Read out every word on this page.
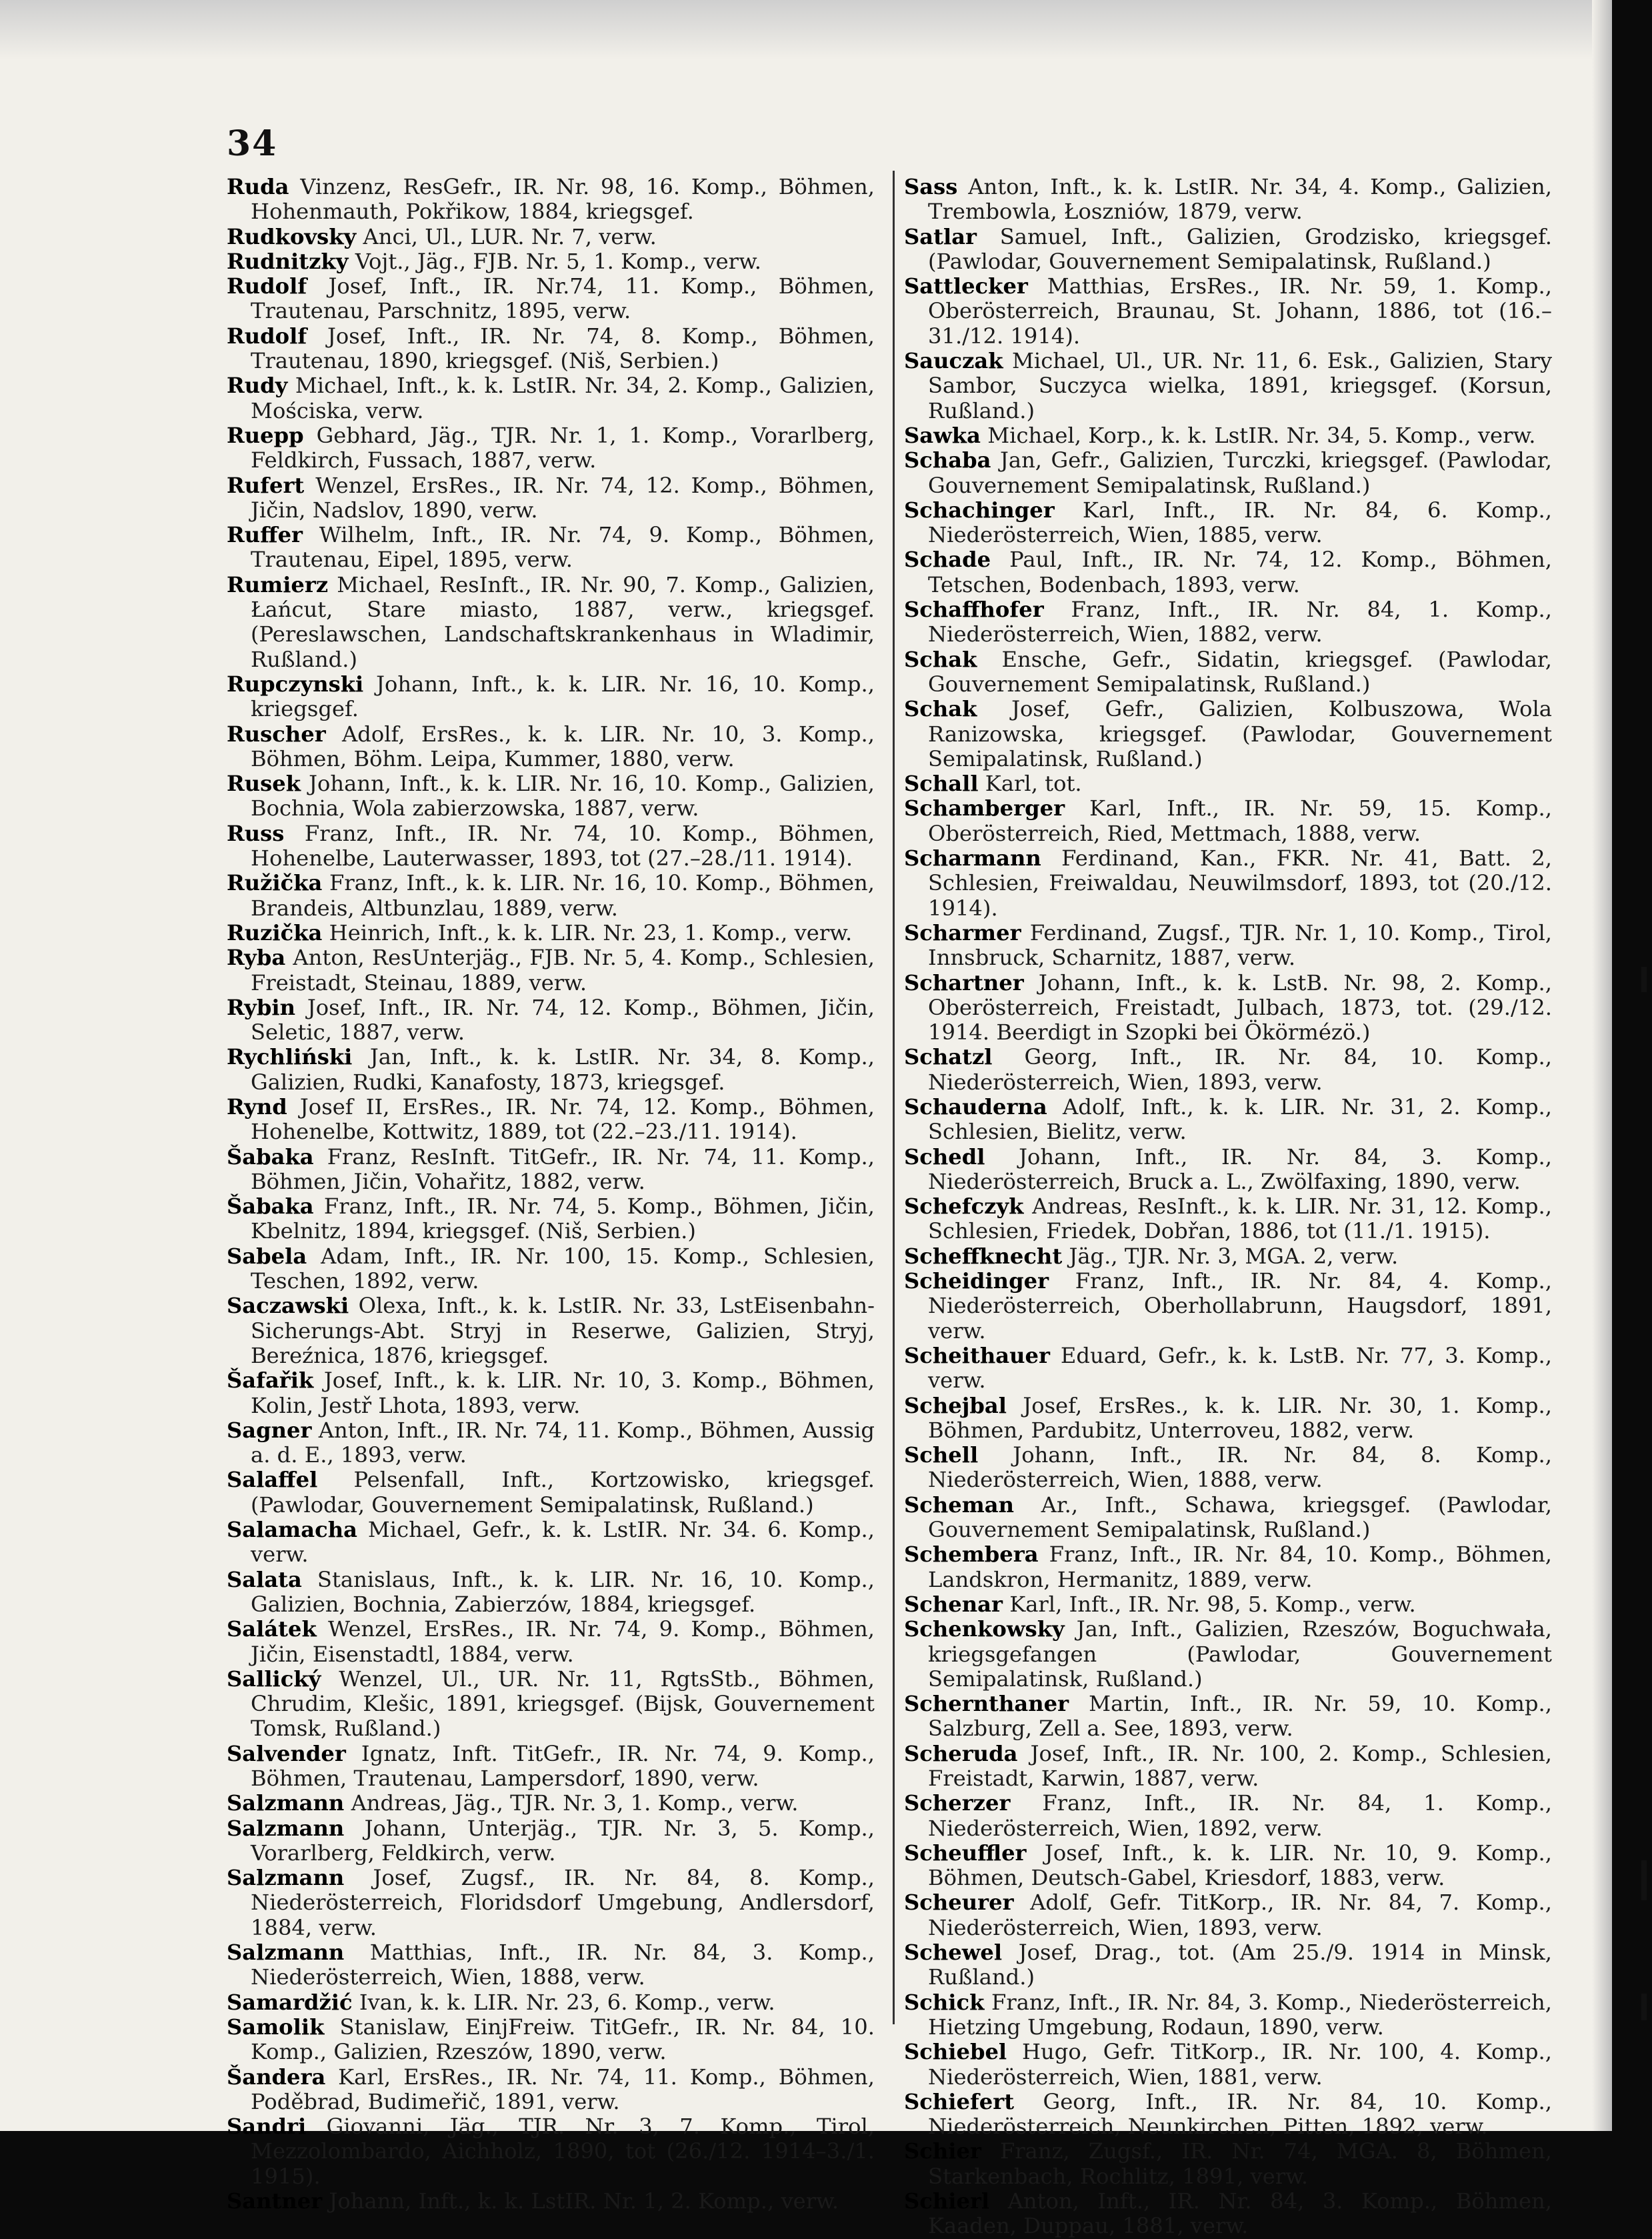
34

Ruda Vinzenz, ResGefr., IR. Nr. 98, 16. Komp., Böhmen, Hohenmauth, Pokřikow, 1884, kriegsgef.

Rudkovsky Anci, Ul., LUR. Nr. 7, verw.

Rudnitzky Vojt., Jäg., FJB. Nr. 5, 1. Komp., verw.

Rudolf Josef, Inft., IR. Nr.74, 11. Komp., Böhmen, Trautenau, Parschnitz, 1895, verw.

Rudolf Josef, Inft., IR. Nr. 74, 8. Komp., Böhmen, Trautenau, 1890, kriegsgef. (Niš, Serbien.)

Rudy Michael, Inft., k. k. LstIR. Nr. 34, 2. Komp., Galizien, Mościska, verw.

Ruepp Gebhard, Jäg., TJR. Nr. 1, 1. Komp., Vorarlberg, Feldkirch, Fussach, 1887, verw.

Rufert Wenzel, ErsRes., IR. Nr. 74, 12. Komp., Böhmen, Jičin, Nadslov, 1890, verw.

Ruffer Wilhelm, Inft., IR. Nr. 74, 9. Komp., Böhmen, Trautenau, Eipel, 1895, verw.

Rumierz Michael, ResInft., IR. Nr. 90, 7. Komp., Galizien, Łańcut, Stare miasto, 1887, verw., kriegsgef. (Pereslawschen, Landschaftskrankenhaus in Wladimir, Rußland.)

Rupczynski Johann, Inft., k. k. LIR. Nr. 16, 10. Komp., kriegsgef.

Ruscher Adolf, ErsRes., k. k. LIR. Nr. 10, 3. Komp., Böhmen, Böhm. Leipa, Kummer, 1880, verw.

Rusek Johann, Inft., k. k. LIR. Nr. 16, 10. Komp., Galizien, Bochnia, Wola zabierzowska, 1887, verw.

Russ Franz, Inft., IR. Nr. 74, 10. Komp., Böhmen, Hohenelbe, Lauterwasser, 1893, tot (27.–28./11. 1914).

Ružička Franz, Inft., k. k. LIR. Nr. 16, 10. Komp., Böhmen, Brandeis, Altbunzlau, 1889, verw.

Ruzička Heinrich, Inft., k. k. LIR. Nr. 23, 1. Komp., verw.

Ryba Anton, ResUnterjäg., FJB. Nr. 5, 4. Komp., Schlesien, Freistadt, Steinau, 1889, verw.

Rybin Josef, Inft., IR. Nr. 74, 12. Komp., Böhmen, Jičin, Seletic, 1887, verw.

Rychliński Jan, Inft., k. k. LstIR. Nr. 34, 8. Komp., Galizien, Rudki, Kanafosty, 1873, kriegsgef.

Rynd Josef II, ErsRes., IR. Nr. 74, 12. Komp., Böhmen, Hohenelbe, Kottwitz, 1889, tot (22.–23./11. 1914).

Šabaka Franz, ResInft. TitGefr., IR. Nr. 74, 11. Komp., Böhmen, Jičin, Vohařitz, 1882, verw.

Šabaka Franz, Inft., IR. Nr. 74, 5. Komp., Böhmen, Jičin, Kbelnitz, 1894, kriegsgef. (Niš, Serbien.)

Sabela Adam, Inft., IR. Nr. 100, 15. Komp., Schlesien, Teschen, 1892, verw.

Saczawski Olexa, Inft., k. k. LstIR. Nr. 33, LstEisenbahn-Sicherungs-Abt. Stryj in Reserwe, Galizien, Stryj, Bereźnica, 1876, kriegsgef.

Šafařik Josef, Inft., k. k. LIR. Nr. 10, 3. Komp., Böhmen, Kolin, Jestř Lhota, 1893, verw.

Sagner Anton, Inft., IR. Nr. 74, 11. Komp., Böhmen, Aussig a. d. E., 1893, verw.

Salaffel Pelsenfall, Inft., Kortzowisko, kriegsgef. (Pawlodar, Gouvernement Semipalatinsk, Rußland.)

Salamacha Michael, Gefr., k. k. LstIR. Nr. 34. 6. Komp., verw.

Salata Stanislaus, Inft., k. k. LIR. Nr. 16, 10. Komp., Galizien, Bochnia, Zabierzów, 1884, kriegsgef.

Salátek Wenzel, ErsRes., IR. Nr. 74, 9. Komp., Böhmen, Jičin, Eisenstadtl, 1884, verw.

Sallický Wenzel, Ul., UR. Nr. 11, RgtsStb., Böhmen, Chrudim, Klešic, 1891, kriegsgef. (Bijsk, Gouvernement Tomsk, Rußland.)

Salvender Ignatz, Inft. TitGefr., IR. Nr. 74, 9. Komp., Böhmen, Trautenau, Lampersdorf, 1890, verw.

Salzmann Andreas, Jäg., TJR. Nr. 3, 1. Komp., verw.

Salzmann Johann, Unterjäg., TJR. Nr. 3, 5. Komp., Vorarlberg, Feldkirch, verw.

Salzmann Josef, Zugsf., IR. Nr. 84, 8. Komp., Niederösterreich, Floridsdorf Umgebung, Andlersdorf, 1884, verw.

Salzmann Matthias, Inft., IR. Nr. 84, 3. Komp., Niederösterreich, Wien, 1888, verw.

Samardžić Ivan, k. k. LIR. Nr. 23, 6. Komp., verw.

Samolik Stanislaw, EinjFreiw. TitGefr., IR. Nr. 84, 10. Komp., Galizien, Rzeszów, 1890, verw.

Šandera Karl, ErsRes., IR. Nr. 74, 11. Komp., Böhmen, Poděbrad, Budimeřič, 1891, verw.

Sandri Giovanni, Jäg., TJR. Nr. 3, 7. Komp., Tirol, Mezzolombardo, Aichholz, 1890, tot (26./12. 1914–3./1. 1915).

Santner Johann, Inft., k. k. LstIR. Nr. 1, 2. Komp., verw.

Sass Anton, Inft., k. k. LstIR. Nr. 34, 4. Komp., Galizien, Trembowla, Łoszniów, 1879, verw.

Satlar Samuel, Inft., Galizien, Grodzisko, kriegsgef. (Pawlodar, Gouvernement Semipalatinsk, Rußland.)

Sattlecker Matthias, ErsRes., IR. Nr. 59, 1. Komp., Oberösterreich, Braunau, St. Johann, 1886, tot (16.–31./12. 1914).

Sauczak Michael, Ul., UR. Nr. 11, 6. Esk., Galizien, Stary Sambor, Suczyca wielka, 1891, kriegsgef. (Korsun, Rußland.)

Sawka Michael, Korp., k. k. LstIR. Nr. 34, 5. Komp., verw.

Schaba Jan, Gefr., Galizien, Turczki, kriegsgef. (Pawlodar, Gouvernement Semipalatinsk, Rußland.)

Schachinger Karl, Inft., IR. Nr. 84, 6. Komp., Niederösterreich, Wien, 1885, verw.

Schade Paul, Inft., IR. Nr. 74, 12. Komp., Böhmen, Tetschen, Bodenbach, 1893, verw.

Schaffhofer Franz, Inft., IR. Nr. 84, 1. Komp., Niederösterreich, Wien, 1882, verw.

Schak Ensche, Gefr., Sidatin, kriegsgef. (Pawlodar, Gouvernement Semipalatinsk, Rußland.)

Schak Josef, Gefr., Galizien, Kolbuszowa, Wola Ranizowska, kriegsgef. (Pawlodar, Gouvernement Semipalatinsk, Rußland.)

Schall Karl, tot.

Schamberger Karl, Inft., IR. Nr. 59, 15. Komp., Oberösterreich, Ried, Mettmach, 1888, verw.

Scharmann Ferdinand, Kan., FKR. Nr. 41, Batt. 2, Schlesien, Freiwaldau, Neuwilmsdorf, 1893, tot (20./12. 1914).

Scharmer Ferdinand, Zugsf., TJR. Nr. 1, 10. Komp., Tirol, Innsbruck, Scharnitz, 1887, verw.

Schartner Johann, Inft., k. k. LstB. Nr. 98, 2. Komp., Oberösterreich, Freistadt, Julbach, 1873, tot. (29./12. 1914. Beerdigt in Szopki bei Ökörmézö.)

Schatzl Georg, Inft., IR. Nr. 84, 10. Komp., Niederösterreich, Wien, 1893, verw.

Schauderna Adolf, Inft., k. k. LIR. Nr. 31, 2. Komp., Schlesien, Bielitz, verw.

Schedl Johann, Inft., IR. Nr. 84, 3. Komp., Niederösterreich, Bruck a. L., Zwölfaxing, 1890, verw.

Schefczyk Andreas, ResInft., k. k. LIR. Nr. 31, 12. Komp., Schlesien, Friedek, Dobřan, 1886, tot (11./1. 1915).

Scheffknecht Jäg., TJR. Nr. 3, MGA. 2, verw.

Scheidinger Franz, Inft., IR. Nr. 84, 4. Komp., Niederösterreich, Oberhollabrunn, Haugsdorf, 1891, verw.

Scheithauer Eduard, Gefr., k. k. LstB. Nr. 77, 3. Komp., verw.

Schejbal Josef, ErsRes., k. k. LIR. Nr. 30, 1. Komp., Böhmen, Pardubitz, Unterroveu, 1882, verw.

Schell Johann, Inft., IR. Nr. 84, 8. Komp., Niederösterreich, Wien, 1888, verw.

Scheman Ar., Inft., Schawa, kriegsgef. (Pawlodar, Gouvernement Semipalatinsk, Rußland.)

Schembera Franz, Inft., IR. Nr. 84, 10. Komp., Böhmen, Landskron, Hermanitz, 1889, verw.

Schenar Karl, Inft., IR. Nr. 98, 5. Komp., verw.

Schenkowsky Jan, Inft., Galizien, Rzeszów, Boguchwała, kriegsgefangen (Pawlodar, Gouvernement Semipalatinsk, Rußland.)

Schernthaner Martin, Inft., IR. Nr. 59, 10. Komp., Salzburg, Zell a. See, 1893, verw.

Scheruda Josef, Inft., IR. Nr. 100, 2. Komp., Schlesien, Freistadt, Karwin, 1887, verw.

Scherzer Franz, Inft., IR. Nr. 84, 1. Komp., Niederösterreich, Wien, 1892, verw.

Scheuffler Josef, Inft., k. k. LIR. Nr. 10, 9. Komp., Böhmen, Deutsch-Gabel, Kriesdorf, 1883, verw.

Scheurer Adolf, Gefr. TitKorp., IR. Nr. 84, 7. Komp., Niederösterreich, Wien, 1893, verw.

Schewel Josef, Drag., tot. (Am 25./9. 1914 in Minsk, Rußland.)

Schick Franz, Inft., IR. Nr. 84, 3. Komp., Niederösterreich, Hietzing Umgebung, Rodaun, 1890, verw.

Schiebel Hugo, Gefr. TitKorp., IR. Nr. 100, 4. Komp., Niederösterreich, Wien, 1881, verw.

Schiefert Georg, Inft., IR. Nr. 84, 10. Komp., Niederösterreich, Neunkirchen, Pitten, 1892, verw.

Schier Franz, Zugsf., IR. Nr. 74, MGA. 8, Böhmen, Starkenbach, Rochlitz, 1891, verw.

Schierl Anton, Inft., IR. Nr. 84, 3. Komp., Böhmen, Kaaden, Duppau, 1881, verw.
